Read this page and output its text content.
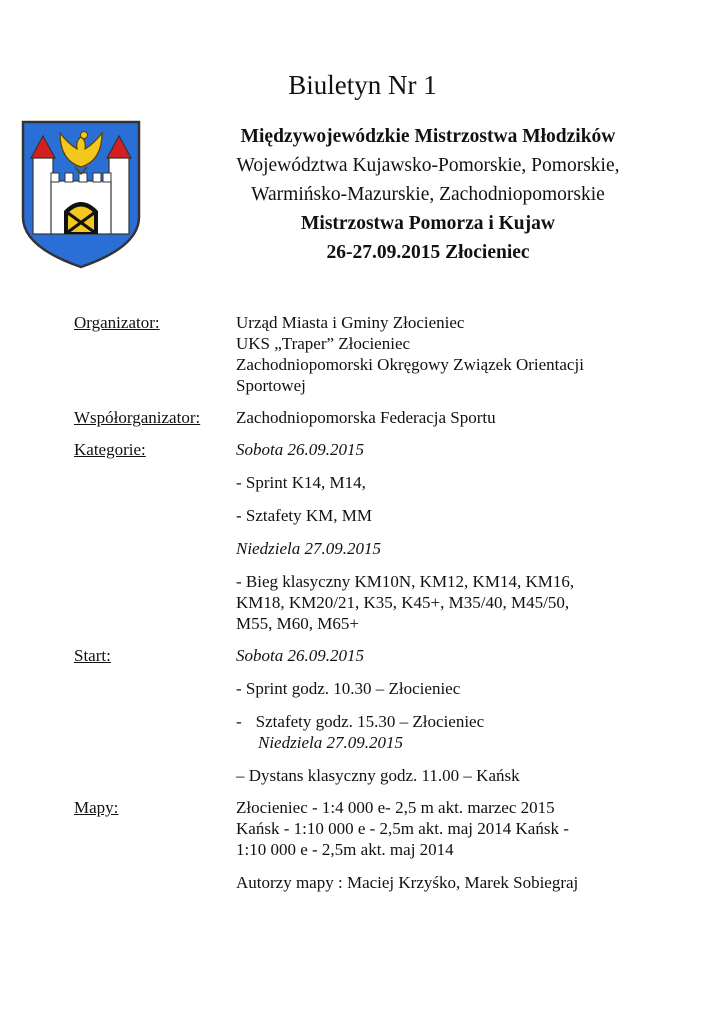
Biuletyn Nr 1
Międzywojewódzkie Mistrzostwa Młodzików
Województwa Kujawsko-Pomorskie, Pomorskie,
Warmińsko-Mazurskie, Zachodniopomorskie
Mistrzostwa Pomorza i Kujaw
26-27.09.2015 Złocieniec
Organizator:	Urząd Miasta i Gminy Złocieniec

UKS „Traper” Złocieniec

Zachodniopomorski Okręgowy Związek Orientacji

Sportowej

Współorganizator:	Zachodniopomorska Federacja Sportu

Kategorie:	Sobota 26.09.2015

- Sprint K14, M14,

- Sztafety KM, MM

Niedziela 27.09.2015

- Bieg klasyczny KM10N, KM12, KM14, KM16,

KM18, KM20/21, K35, K45+, M35/40, M45/50,

M55, M60, M65+

Start:	Sobota 26.09.2015

- Sprint godz. 10.30 – Złocieniec

- Sztafety godz. 15.30 – Złocieniec

Niedziela 27.09.2015

– Dystans klasyczny godz. 11.00 – Kańsk

Mapy:	Złocieniec - 1:4 000 e- 2,5 m akt. marzec 2015

Kańsk - 1:10 000 e - 2,5m akt. maj 2014 Kańsk -

1:10 000 e - 2,5m akt. maj 2014

Autorzy mapy : Maciej Krzyśko, Marek Sobiegraj
